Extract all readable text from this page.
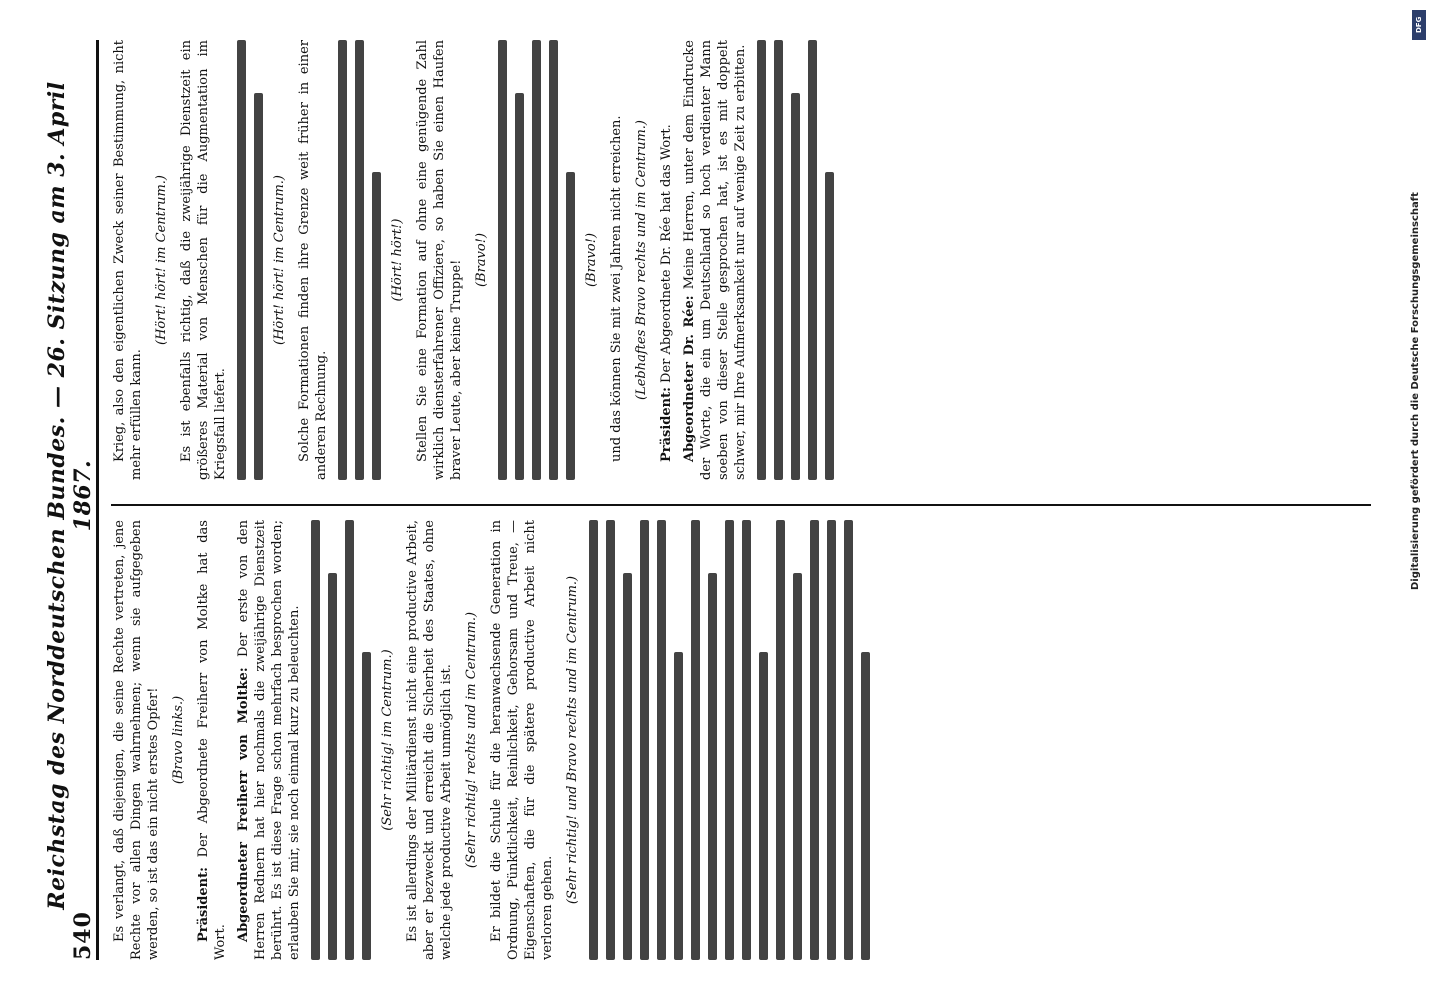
540
Reichstag des Norddeutschen Bundes. — 26. Sitzung am 3. April 1867.

Es verlangt, daß diejenigen, die seine Rechte vertreten, jene Rechte vor allen Dingen wahrnehmen; wenn sie aufgegeben werden, so ist das ein nicht erstes Opfer! (Bravo links.)

Präsident: Der Abgeordnete Freiherr von Moltke hat das Wort.

Abgeordneter Freiherr von Moltke: Der erste von den Herren Rednern hat hier nochmals die zweijährige Dienstzeit berührt. Es ist diese Frage schon mehrfach besprochen worden; erlauben Sie mir, sie noch einmal kurz zu beleuchten.	(Sehr richtig! im Centrum.) Es ist allerdings der Militärdienst nicht eine productive Arbeit, aber er bezweckt und erreicht die Sicherheit des Staates, ohne welche jede productive Arbeit unmöglich ist. (Sehr richtig! rechts und im Centrum.) Er bildet die Schule für die heranwachsende Generation in Ordnung, Pünktlichkeit, Reinlichkeit, Gehorsam und Treue, — Eigenschaften, die für die spätere productive Arbeit nicht verloren gehen.

(Sehr richtig! und Bravo rechts und im Centrum.)

Krieg, also den eigentlichen Zweck seiner Bestimmung, nicht mehr erfüllen kann.

(Hört! hört! im Centrum.) Es ist ebenfalls richtig, daß die zweijährige Dienstzeit ein größeres Material von Menschen für die Augmentation im Kriegsfall liefert.

(Hört! hört! im Centrum.) Solche Formationen finden ihre Grenze weit früher in einer anderen Rechnung.

(Hört! hört!) Stellen Sie eine Formation auf ohne eine genügende Zahl wirklich diensterfahrener Offiziere, so haben Sie einen Haufen braver Leute, aber keine Truppe! (Bravo!)	(Bravo!) und das können Sie mit zwei Jahren nicht erreichen. (Lebhaftes Bravo rechts und im Centrum.)

Präsident: Der Abgeordnete Dr. Rée hat das Wort. Abgeordneter Dr. Rée: Meine Herren, unter dem Eindrucke der Worte, die ein um Deutschland so hoch verdienter Mann soeben von dieser Stelle gesprochen hat, ist es mit doppelt schwer, mir Ihre Aufmerksamkeit nur auf wenige Zeit zu erbitten.

DFG
Digitalisierung gefördert durch die Deutsche Forschungsgemeinschaft
